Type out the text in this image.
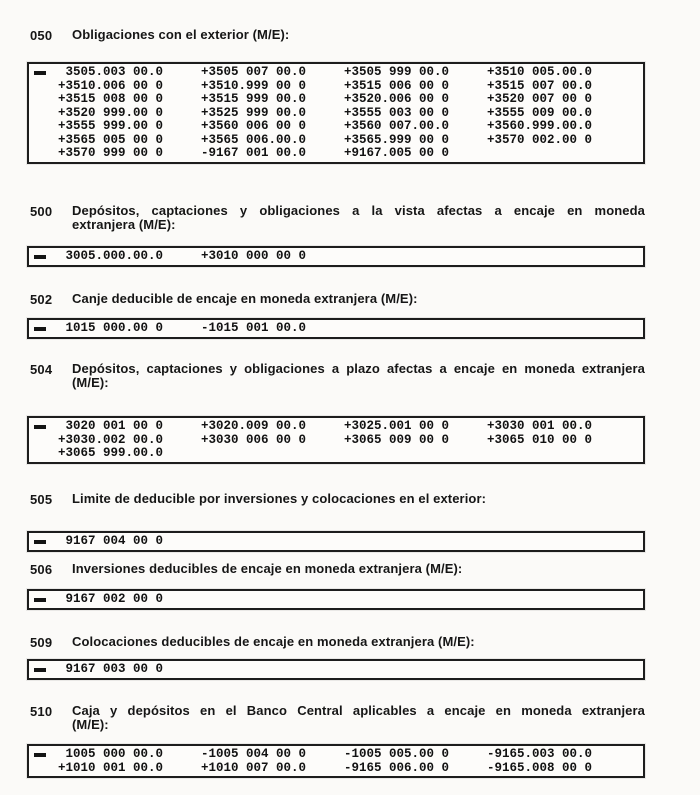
050 Obligaciones con el exterior (M/E):
3505.003 00.0	+3505 007 00.0	+3505 999 00.0	+3510 005.00.0
+3510.006 00 0	+3510.999 00 0	+3515 006 00 0	+3515 007 00.0
+3515 008 00 0	+3515 999 00.0	+3520.006 00 0	+3520 007 00 0
+3520 999.00 0	+3525 999 00.0	+3555 003 00 0	+3555 009 00.0
+3555 999.00 0	+3560 006 00 0	+3560 007.00.0	+3560.999.00.0
+3565 005 00 0	+3565 006.00.0	+3565.999 00 0	+3570 002.00 0
+3570 999 00 0	-9167 001 00.0	+9167.005 00 0
500 Depósitos, captaciones y obligaciones a la vista afectas a encaje en moneda
extranjera (M/E):
3005.000.00.0	+3010 000 00 0
502 Canje deducible de encaje en moneda extranjera (M/E):
1015 000.00 0	-1015 001 00.0
504 Depósitos, captaciones y obligaciones a plazo afectas a encaje en moneda extranjera
(M/E):
3020 001 00 0	+3020.009 00.0	+3025.001 00 0	+3030 001 00.0
+3030.002 00.0	+3030 006 00 0	+3065 009 00 0	+3065 010 00 0
+3065 999.00.0
505 Limite de deducible por inversiones y colocaciones en el exterior:
9167 004 00 0
506 Inversiones deducibles de encaje en moneda extranjera (M/E):
9167 002 00 0
509 Colocaciones deducibles de encaje en moneda extranjera (M/E):
9167 003 00 0
510 Caja y depósitos en el Banco Central aplicables a encaje en moneda extranjera
(M/E):
1005 000 00.0	-1005 004 00 0	-1005 005.00 0	-9165.003 00.0
+1010 001 00.0	+1010 007 00.0	-9165 006.00 0	-9165.008 00 0
